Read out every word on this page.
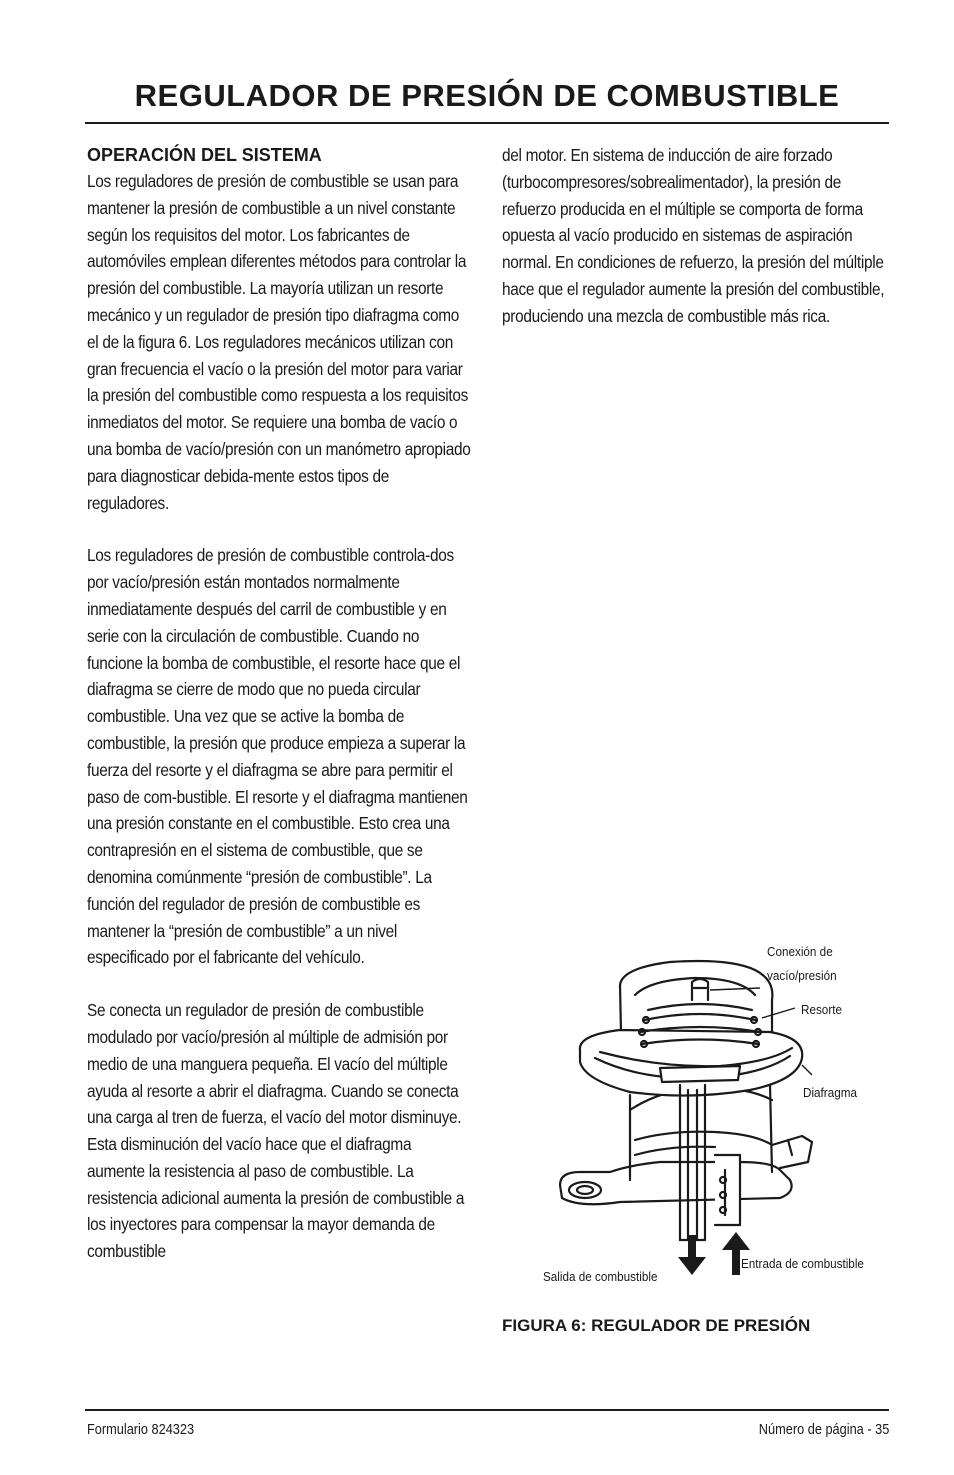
REGULADOR DE PRESIÓN DE COMBUSTIBLE
OPERACIÓN DEL SISTEMA

Los reguladores de presión de combustible se usan para mantener la presión de combustible a un nivel constante según los requisitos del motor. Los fabricantes de automóviles emplean diferentes métodos para controlar la presión del combustible. La mayoría utilizan un resorte mecánico y un regulador de presión tipo diafragma como el de la figura 6. Los reguladores mecánicos utilizan con gran frecuencia el vacío o la presión del motor para variar la presión del combustible como respuesta a los requisitos inmediatos del motor. Se requiere una bomba de vacío o una bomba de vacío/presión con un manómetro apropiado para diagnosticar debida-mente estos tipos de reguladores.

Los reguladores de presión de combustible controla-dos por vacío/presión están montados normalmente inmediatamente después del carril de combustible y en serie con la circulación de combustible. Cuando no funcione la bomba de combustible, el resorte hace que el diafragma se cierre de modo que no pueda circular combustible. Una vez que se active la bomba de combustible, la presión que produce empieza a superar la fuerza del resorte y el diafragma se abre para permitir el paso de com-bustible. El resorte y el diafragma mantienen una presión constante en el combustible. Esto crea una contrapresión en el sistema de combustible, que se denomina comúnmente “presión de combustible”. La función del regulador de presión de combustible es mantener la “presión de combustible” a un nivel especificado por el fabricante del vehículo.

Se conecta un regulador de presión de combustible modulado por vacío/presión al múltiple de admisión por medio de una manguera pequeña. El vacío del múltiple ayuda al resorte a abrir el diafragma. Cuando se conecta una carga al tren de fuerza, el vacío del motor disminuye. Esta disminución del vacío hace que el diafragma aumente la resistencia al paso de combustible. La resistencia adicional aumenta la presión de combustible a los inyectores para compensar la mayor demanda de combustible

del motor. En sistema de inducción de aire forzado (turbocompresores/sobrealimentador), la presión de refuerzo producida en el múltiple se comporta de forma opuesta al vacío producido en sistemas de aspiración normal. En condiciones de refuerzo, la presión del múltiple hace que el regulador aumente la presión del combustible, produciendo una mezcla de combustible más rica.

Conexión de
vacío/presión
Resorte
Diafragma
Salida de combustible
Entrada de combustible

FIGURA 6: REGULADOR DE PRESIÓN

Formulario 824323	Número de página - 35
